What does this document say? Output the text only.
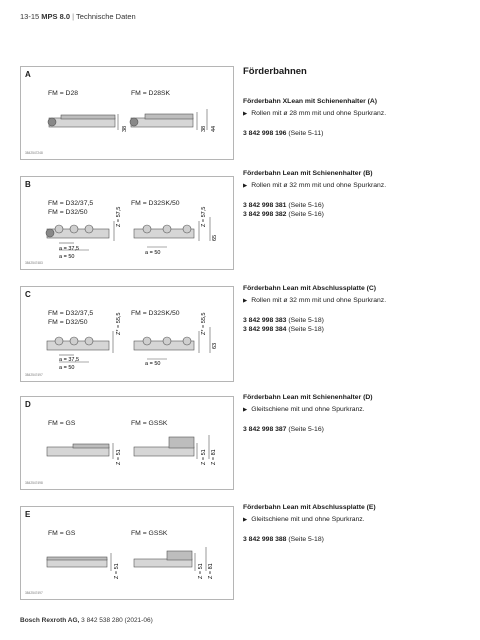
13-15 MPS 8.0 | Technische Daten
A
FM = D28	FM = D28SK
38	38 44
3842547248
B
FM = D32/37,5
FM = D32/50
FM = D32SK/50
Z = 57,5	Z = 57,5
65
a = 37,5
a = 50
a = 50
3842547483
C
FM = D32/37,5
FM = D32/50
FM = D32SK/50
Z* = 55,5	Z* = 55,5
63
a = 37,5
a = 50
a = 50
3842547497
D
FM = GS	FM = GSSK
Z = 51	Z = 51 Z = 81
3842547498
E
FM = GS	FM = GSSK
Z = 51	Z = 51 Z = 81
3842547497
Förderbahnen

Förderbahn XLean mit Schienenhalter (A)

▶ Rollen mit ø 28 mm mit und ohne Spurkranz.

3 842 998 196 (Seite 5-11)

Förderbahn Lean mit Schienenhalter (B)

▶ Rollen mit ø 32 mm mit und ohne Spurkranz.

3 842 998 381 (Seite 5-16)

3 842 998 382 (Seite 5-16)

Förderbahn Lean mit Abschlussplatte (C)

▶ Rollen mit ø 32 mm mit und ohne Spurkranz.

3 842 998 383 (Seite 5-18)

3 842 998 384 (Seite 5-18)

Förderbahn Lean mit Schienenhalter (D)

▶ Gleitschiene mit und ohne Spurkranz.

3 842 998 387 (Seite 5-16)

Förderbahn Lean mit Abschlussplatte (E)

▶ Gleitschiene mit und ohne Spurkranz.

3 842 998 388 (Seite 5-18)

Bosch Rexroth AG, 3 842 538 280 (2021-06)
